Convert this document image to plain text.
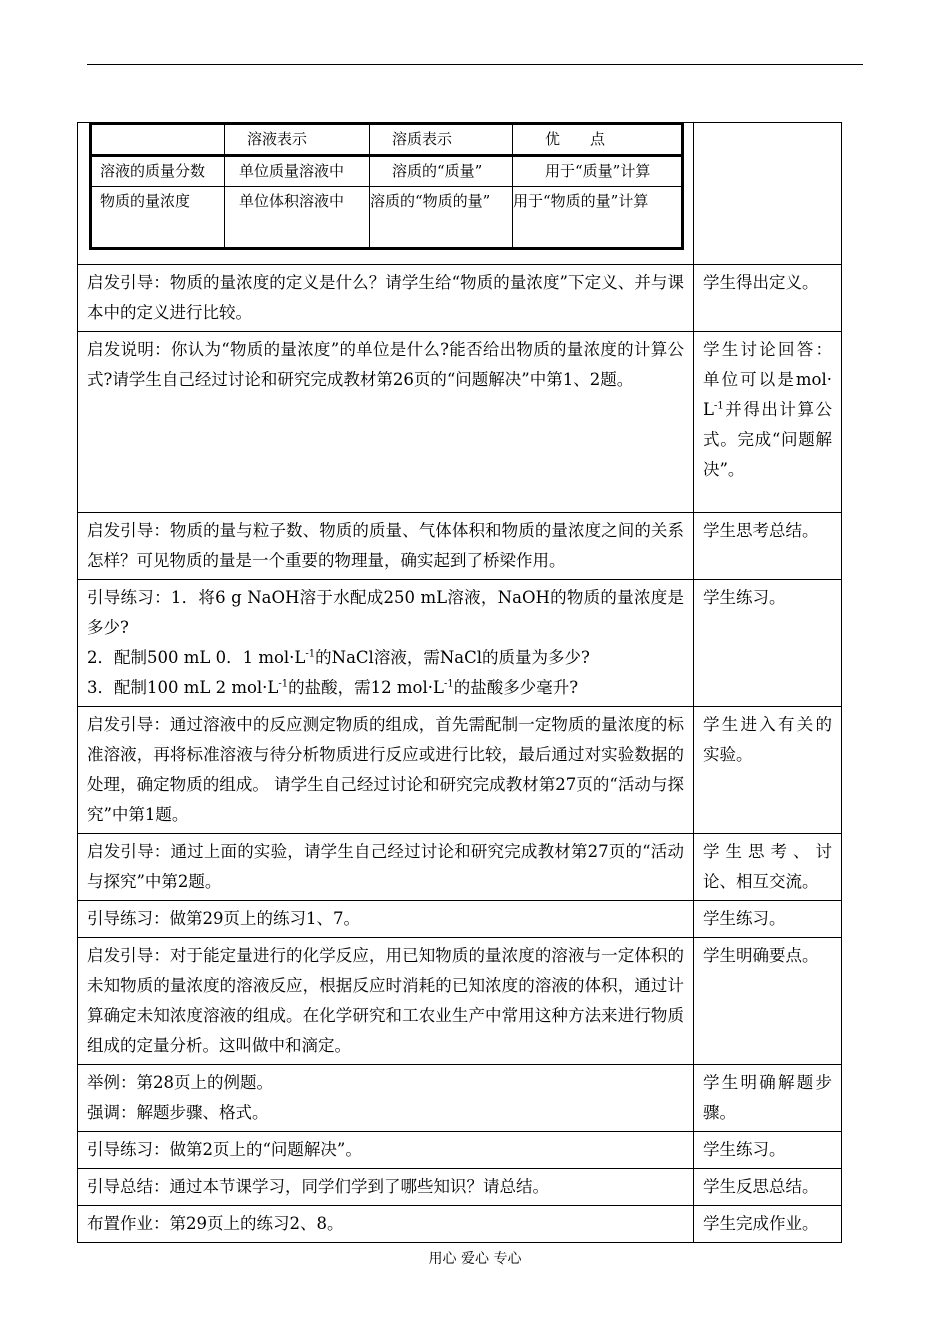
	溶液表示	溶质表示	优　　点
溶液的质量分数	单位质量溶液中	溶质的“质量”	用于“质量”计算
物质的量浓度	单位体积溶液中	溶质的“物质的量”	用于“物质的量”计算

启发引导：物质的量浓度的定义是什么？请学生给“物质的量浓度”下定义、并与课本中的定义进行比较。	学生得出定义。
启发说明：你认为“物质的量浓度”的单位是什么?能否给出物质的量浓度的计算公式?请学生自己经过讨论和研究完成教材第26页的“问题解决”中第1、2题。	学生讨论回答：单位可以是$mol\cdot L^{-1}$并得出计算公式。完成“问题解决”。
启发引导：物质的量与粒子数、物质的质量、气体体积和物质的量浓度之间的关系怎样？可见物质的量是一个重要的物理量，确实起到了桥梁作用。	学生思考总结。

引导练习：1．将6 g NaOH溶于水配成250 mL溶液，NaOH的物质的量浓度是多少?
2．配制500 mL 0．1 $mol\cdot L^{-1}$的NaCl溶液，需NaCl的质量为多少?
3．配制100 mL 2 $mol\cdot L^{-1}$的盐酸，需12 $mol\cdot L^{-1}$的盐酸多少毫升?
	学生练习。
启发引导：通过溶液中的反应测定物质的组成，首先需配制一定物质的量浓度的标准溶液，再将标准溶液与待分析物质进行反应或进行比较，最后通过对实验数据的处理，确定物质的组成。 请学生自己经过讨论和研究完成教材第27页的“活动与探究”中第1题。	学生进入有关的实验。
启发引导：通过上面的实验，请学生自己经过讨论和研究完成教材第27页的“活动与探究”中第2题。	学生思考、讨论、相互交流。
引导练习：做第29页上的练习1、7。	学生练习。
启发引导：对于能定量进行的化学反应，用已知物质的量浓度的溶液与一定体积的未知物质的量浓度的溶液反应，根据反应时消耗的已知浓度的溶液的体积，通过计算确定未知浓度溶液的组成。在化学研究和工农业生产中常用这种方法来进行物质组成的定量分析。这叫做中和滴定。	学生明确要点。

举例：第28页上的例题。
强调：解题步骤、格式。
	学生明确解题步骤。
引导练习：做第2页上的“问题解决”。	学生练习。
引导总结：通过本节课学习，同学们学到了哪些知识？请总结。	学生反思总结。
布置作业：第29页上的练习2、8。	学生完成作业。
用心 爱心 专心
